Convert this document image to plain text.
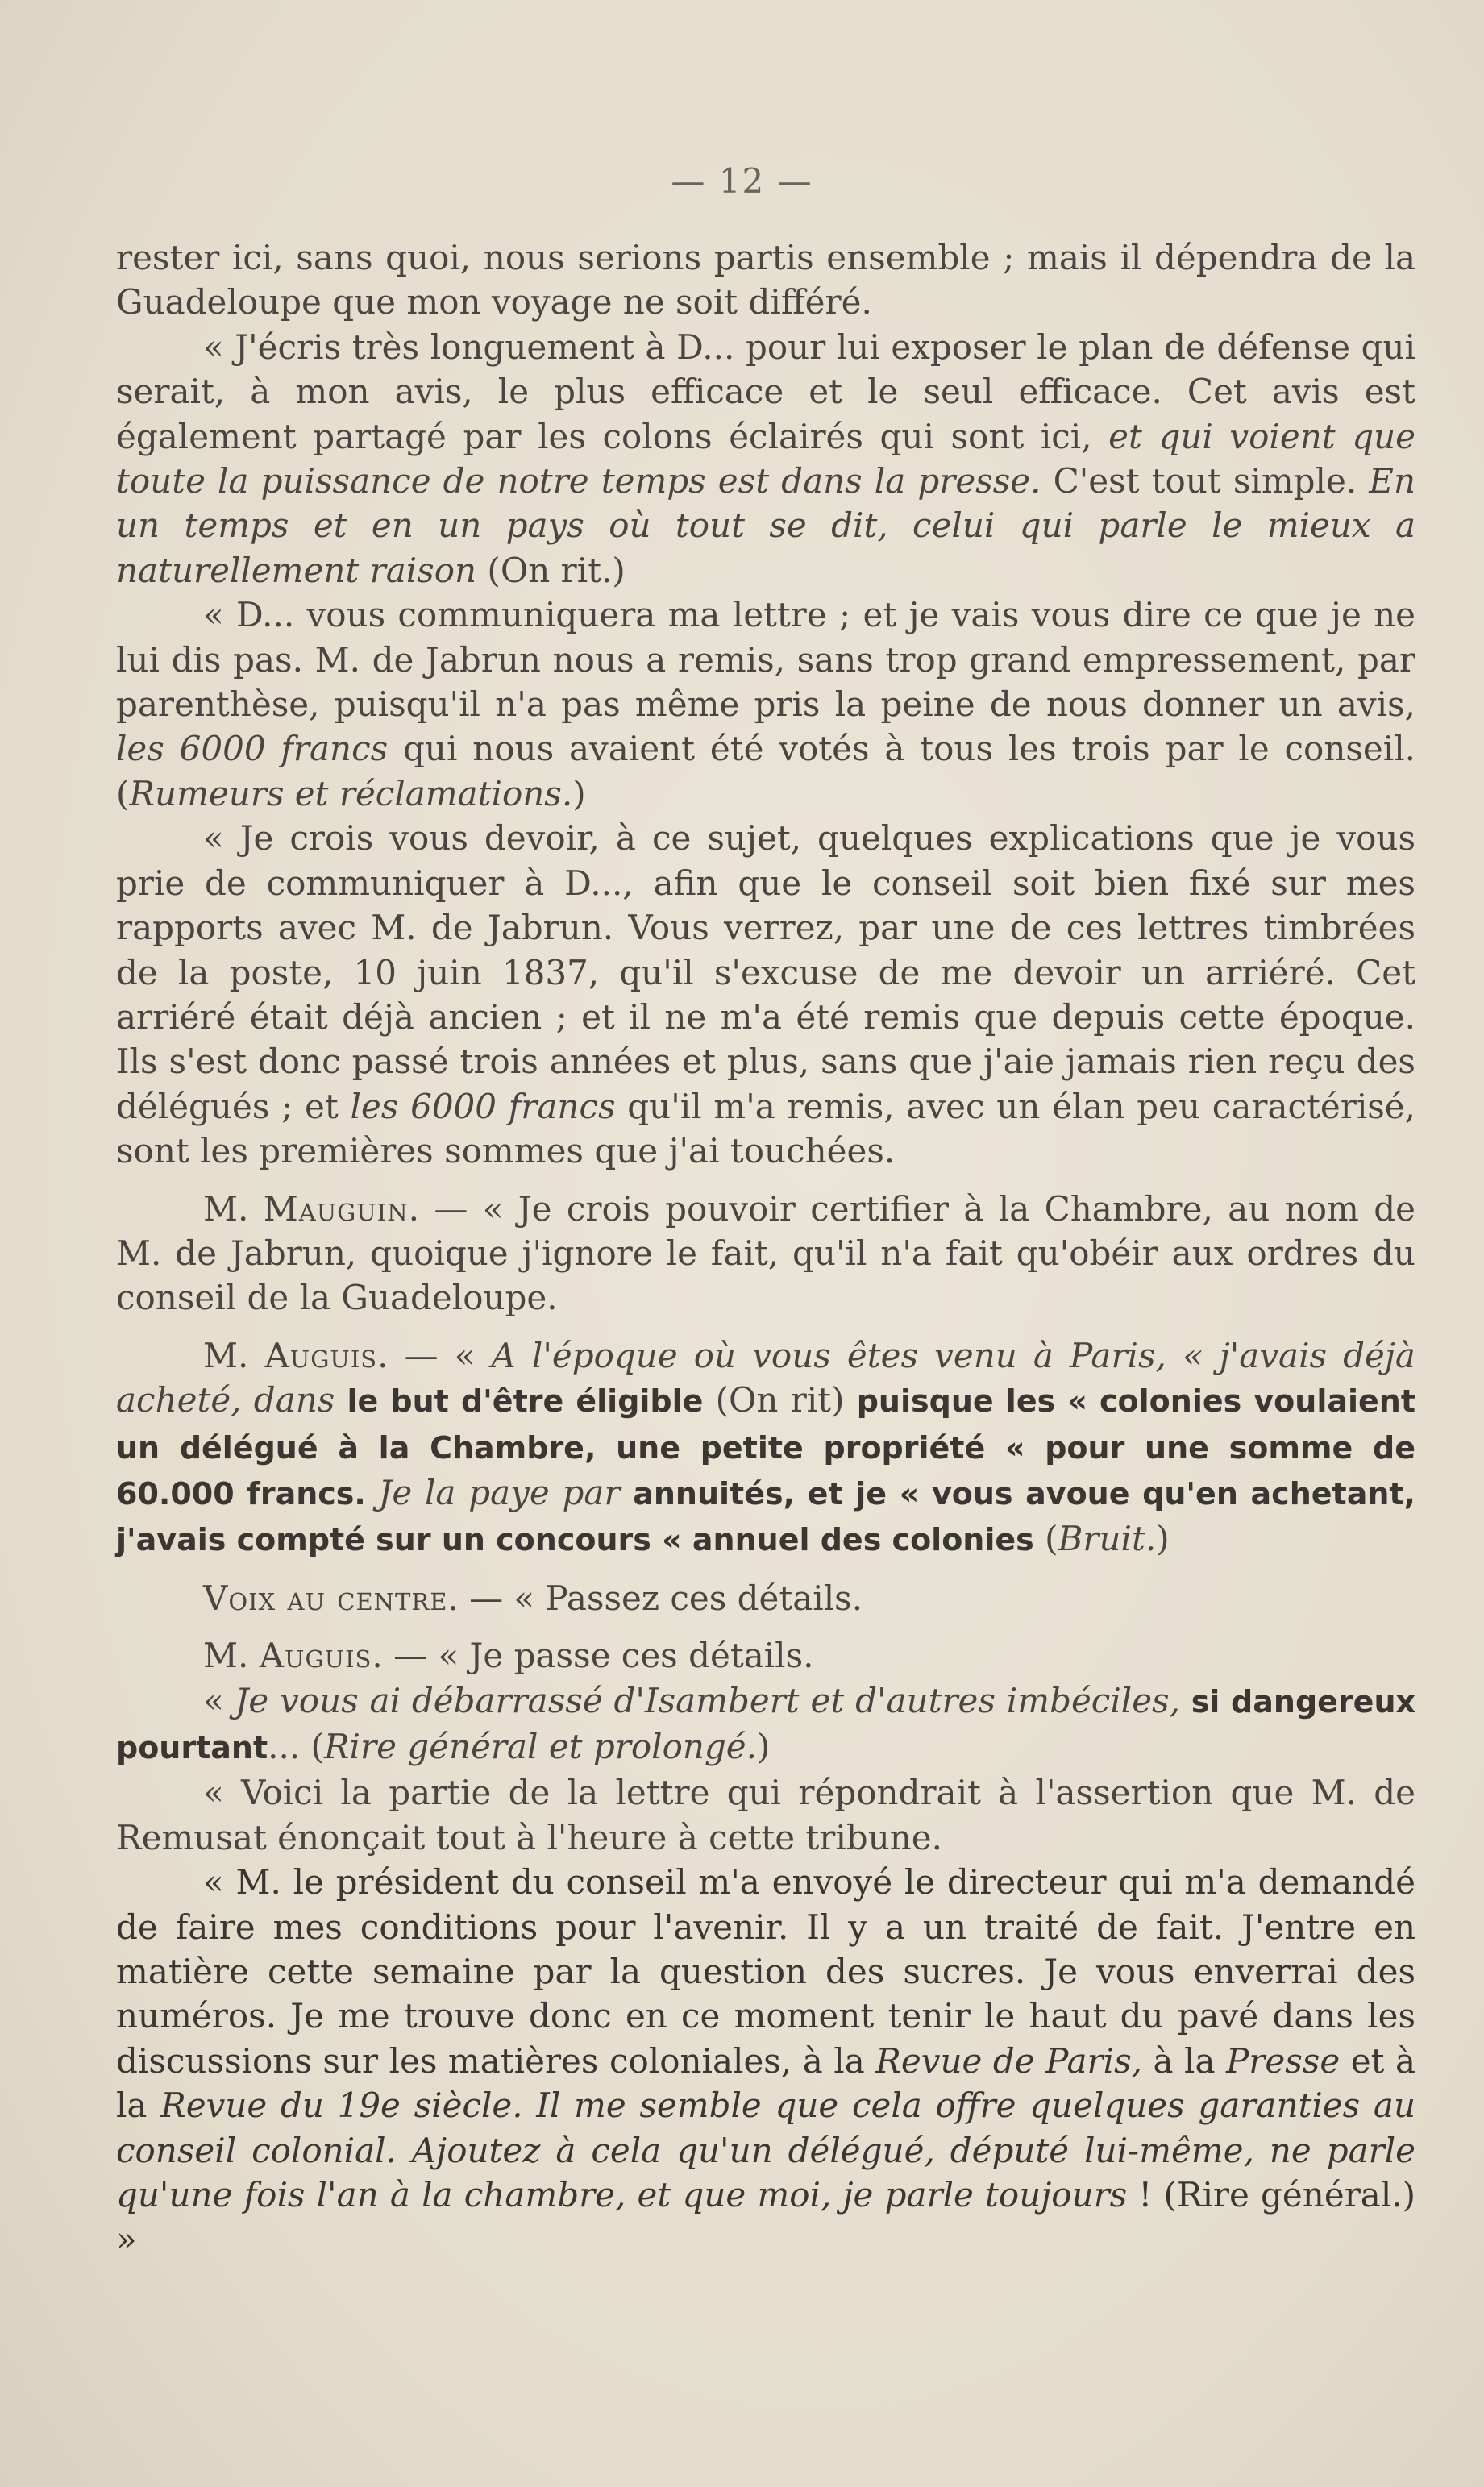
— 12 —

rester ici, sans quoi, nous serions partis ensemble ; mais il dépendra de la Guadeloupe que mon voyage ne soit différé.

« J'écris très longuement à D... pour lui exposer le plan de défense qui serait, à mon avis, le plus efficace et le seul efficace. Cet avis est également partagé par les colons éclairés qui sont ici, et qui voient que toute la puissance de notre temps est dans la presse. C'est tout simple. En un temps et en un pays où tout se dit, celui qui parle le mieux a naturellement raison (On rit.)

« D... vous communiquera ma lettre ; et je vais vous dire ce que je ne lui dis pas. M. de Jabrun nous a remis, sans trop grand empressement, par parenthèse, puisqu'il n'a pas même pris la peine de nous donner un avis, les 6000 francs qui nous avaient été votés à tous les trois par le conseil. (Rumeurs et réclamations.)

« Je crois vous devoir, à ce sujet, quelques explications que je vous prie de communiquer à D..., afin que le conseil soit bien fixé sur mes rapports avec M. de Jabrun. Vous verrez, par une de ces lettres timbrées de la poste, 10 juin 1837, qu'il s'excuse de me devoir un arriéré. Cet arriéré était déjà ancien ; et il ne m'a été remis que depuis cette époque. Ils s'est donc passé trois années et plus, sans que j'aie jamais rien reçu des délégués ; et les 6000 francs qu'il m'a remis, avec un élan peu caractérisé, sont les premières sommes que j'ai touchées.

M. Mauguin. — « Je crois pouvoir certifier à la Chambre, au nom de M. de Jabrun, quoique j'ignore le fait, qu'il n'a fait qu'obéir aux ordres du conseil de la Guadeloupe.

M. Auguis. — « A l'époque où vous êtes venu à Paris, « j'avais déjà acheté, dans le but d'être éligible (On rit) puisque les « colonies voulaient un délégué à la Chambre, une petite propriété « pour une somme de 60.000 francs. Je la paye par annuités, et je « vous avoue qu'en achetant, j'avais compté sur un concours « annuel des colonies (Bruit.)

Voix au centre. — « Passez ces détails.

M. Auguis. — « Je passe ces détails.

« Je vous ai débarrassé d'Isambert et d'autres imbéciles, si dangereux pourtant... (Rire général et prolongé.)

« Voici la partie de la lettre qui répondrait à l'assertion que M. de Remusat énonçait tout à l'heure à cette tribune.

« M. le président du conseil m'a envoyé le directeur qui m'a demandé de faire mes conditions pour l'avenir. Il y a un traité de fait. J'entre en matière cette semaine par la question des sucres. Je vous enverrai des numéros. Je me trouve donc en ce moment tenir le haut du pavé dans les discussions sur les matières coloniales, à la Revue de Paris, à la Presse et à la Revue du 19e siècle. Il me semble que cela offre quelques garanties au conseil colonial. Ajoutez à cela qu'un délégué, député lui-même, ne parle qu'une fois l'an à la chambre, et que moi, je parle toujours ! (Rire général.) »
